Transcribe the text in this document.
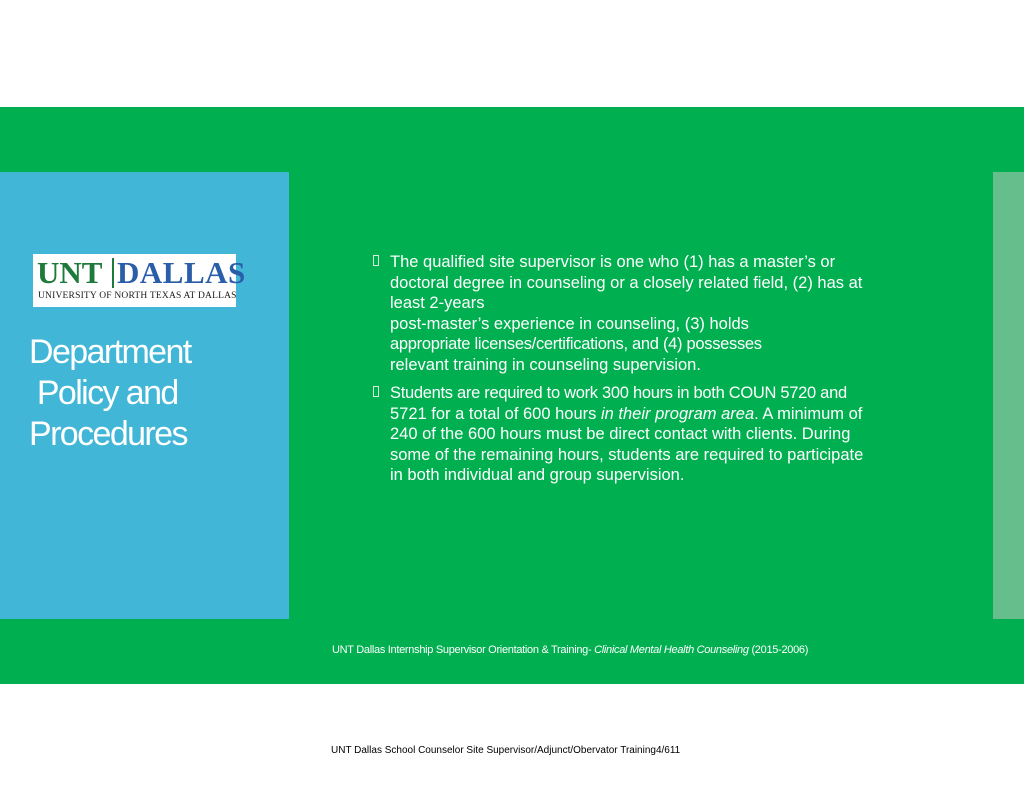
UNT DALLAS
UNIVERSITY OF NORTH TEXAS AT DALLAS
Department
Policy and
Procedures
The qualified site supervisor is one who (1) has a master’s or
doctoral degree in counseling or a closely related field, (2) has at
least 2-years
post-master’s experience in counseling, (3) holds
appropriate licenses/certifications, and (4) possesses
relevant training in counseling supervision.
Students are required to work 300 hours in both COUN 5720 and
5721 for a total of 600 hours in their program area. A minimum of
240 of the 600 hours must be direct contact with clients. During
some of the remaining hours, students are required to participate
in both individual and group supervision.
UNT Dallas Internship Supervisor Orientation & Training- Clinical Mental Health Counseling (2015-2006)
UNT Dallas School Counselor Site Supervisor/Adjunct/Obervator Training4/611
